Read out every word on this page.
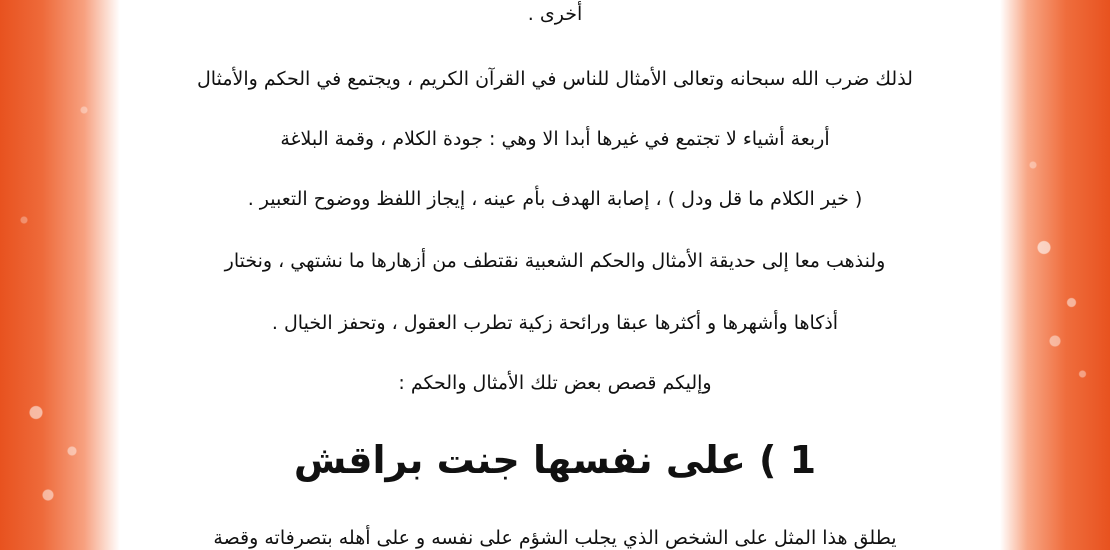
أخرى .
لذلك ضرب الله سبحانه وتعالى الأمثال للناس في القرآن الكريم ، ويجتمع في الحكم والأمثال
أربعة أشياء لا تجتمع في غيرها أبدا الا وهي : جودة الكلام ، وقمة البلاغة
( خير الكلام ما قل ودل ) ، إصابة الهدف بأم عينه ، إيجاز اللفظ ووضوح التعبير .
ولنذهب معا إلى حديقة الأمثال والحكم الشعبية نقتطف من أزهارها ما نشتهي ، ونختار
أذكاها وأشهرها و أكثرها عبقا ورائحة زكية تطرب العقول ، وتحفز الخيال .
وإليكم قصص بعض تلك الأمثال والحكم :
1 ) على نفسها جنت براقش
يطلق هذا المثل على الشخص الذي يجلب الشؤم على نفسه و على أهله بتصرفاته وقصة
